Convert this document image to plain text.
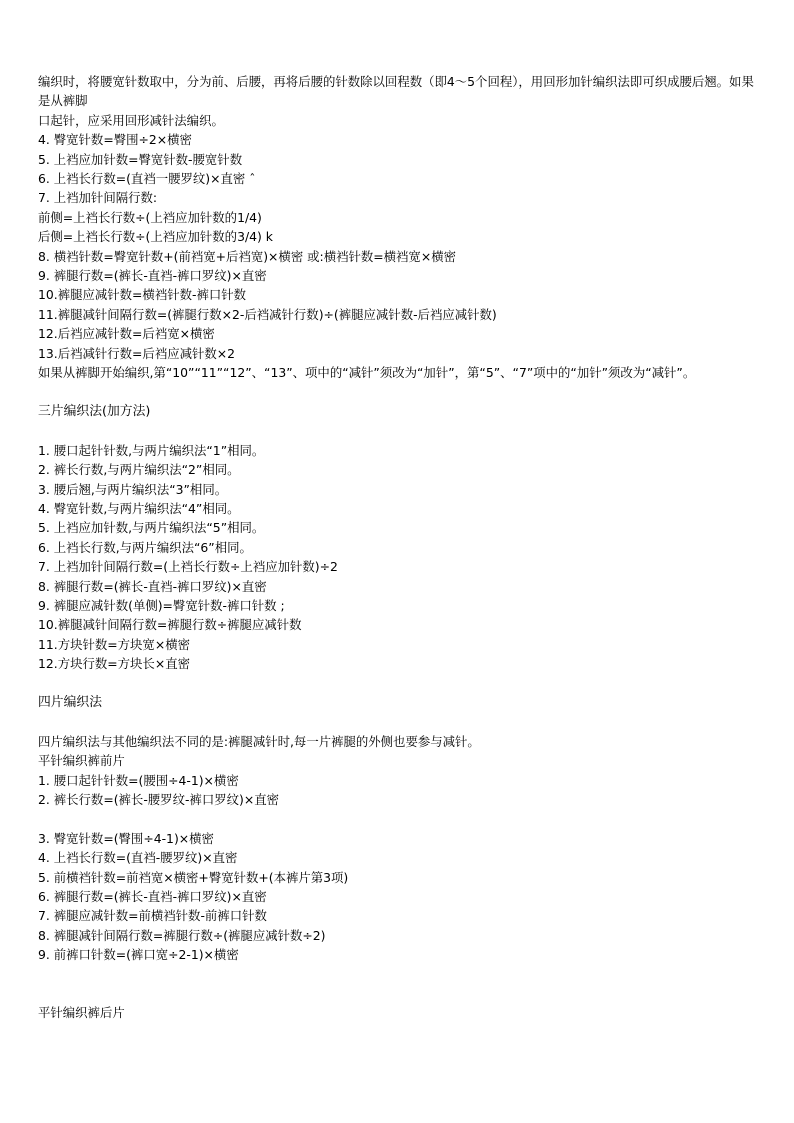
编织时，将腰宽针数取中，分为前、后腰，再将后腰的针数除以回程数（即4～5个回程），用回形加针编织法即可织成腰后翘。如果是从裤脚
口起针，应采用回形减针法编织。
4. 臀宽针数=臀围÷2×横密
5. 上裆应加针数=臀宽针数-腰宽针数
6. 上裆长行数=(直裆一腰罗纹)×直密 ˆ
7. 上裆加针间隔行数:
前侧=上裆长行数÷(上裆应加针数的1/4)
后侧=上裆长行数÷(上裆应加针数的3/4) k
8. 横裆针数=臀宽针数+(前裆宽+后裆宽)×横密 或:横裆针数=横裆宽×横密
9. 裤腿行数=(裤长-直裆-裤口罗纹)×直密
10.裤腿应减针数=横裆针数-裤口针数
11.裤腿减针间隔行数=(裤腿行数×2-后裆减针行数)÷(裤腿应减针数-后裆应减针数)
12.后裆应减针数=后裆宽×横密
13.后裆减针行数=后裆应减针数×2
如果从裤脚开始编织,第“10”“11”“12”、“13”、项中的“减针”须改为“加针”，第“5”、“7”项中的“加针”须改为“减针”。
三片编织法(加方法)
1. 腰口起针针数,与两片编织法“1”相同。
2. 裤长行数,与两片编织法“2”相同。
3. 腰后翘,与两片编织法“3”相同。
4. 臀宽针数,与两片编织法“4”相同。
5. 上裆应加针数,与两片编织法“5”相同。
6. 上裆长行数,与两片编织法“6”相同。
7. 上裆加针间隔行数=(上裆长行数÷上裆应加针数)÷2
8. 裤腿行数=(裤长-直裆-裤口罗纹)×直密
9. 裤腿应减针数(单侧)=臀宽针数-裤口针数 ;
10.裤腿减针间隔行数=裤腿行数÷裤腿应减针数
11.方块针数=方块宽×横密
12.方块行数=方块长×直密
四片编织法
四片编织法与其他编织法不同的是:裤腿减针时,每一片裤腿的外侧也要参与减针。
平针编织裤前片
1. 腰口起针针数=(腰围÷4-1)×横密
2. 裤长行数=(裤长-腰罗纹-裤口罗纹)×直密
3. 臀宽针数=(臀围÷4-1)×横密
4. 上裆长行数=(直裆-腰罗纹)×直密
5. 前横裆针数=前裆宽×横密+臀宽针数+(本裤片第3项)
6. 裤腿行数=(裤长-直裆-裤口罗纹)×直密
7. 裤腿应减针数=前横裆针数-前裤口针数
8. 裤腿减针间隔行数=裤腿行数÷(裤腿应减针数÷2)
9. 前裤口针数=(裤口宽÷2-1)×横密
平针编织裤后片
